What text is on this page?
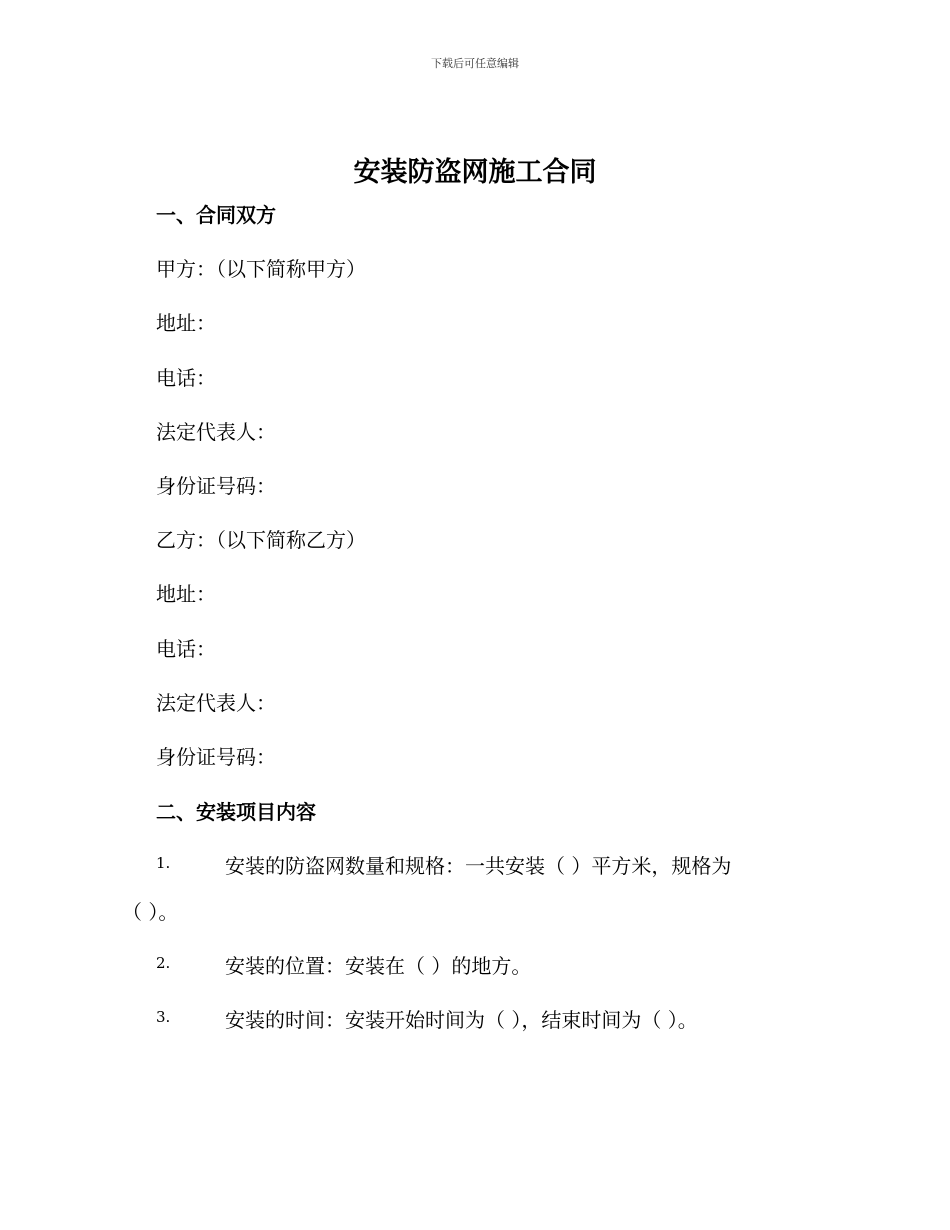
下载后可任意编辑
安装防盗网施工合同
一、合同双方
甲方：（以下简称甲方）
地址：
电话：
法定代表人：
身份证号码：
乙方：（以下简称乙方）
地址：
电话：
法定代表人：
身份证号码：
二、安装项目内容
1.	安装的防盗网数量和规格：一共安装（ ）平方米，规格为
（ ）。
2.	安装的位置：安装在（ ）的地方。
3.	安装的时间：安装开始时间为（ ），结束时间为（ ）。
